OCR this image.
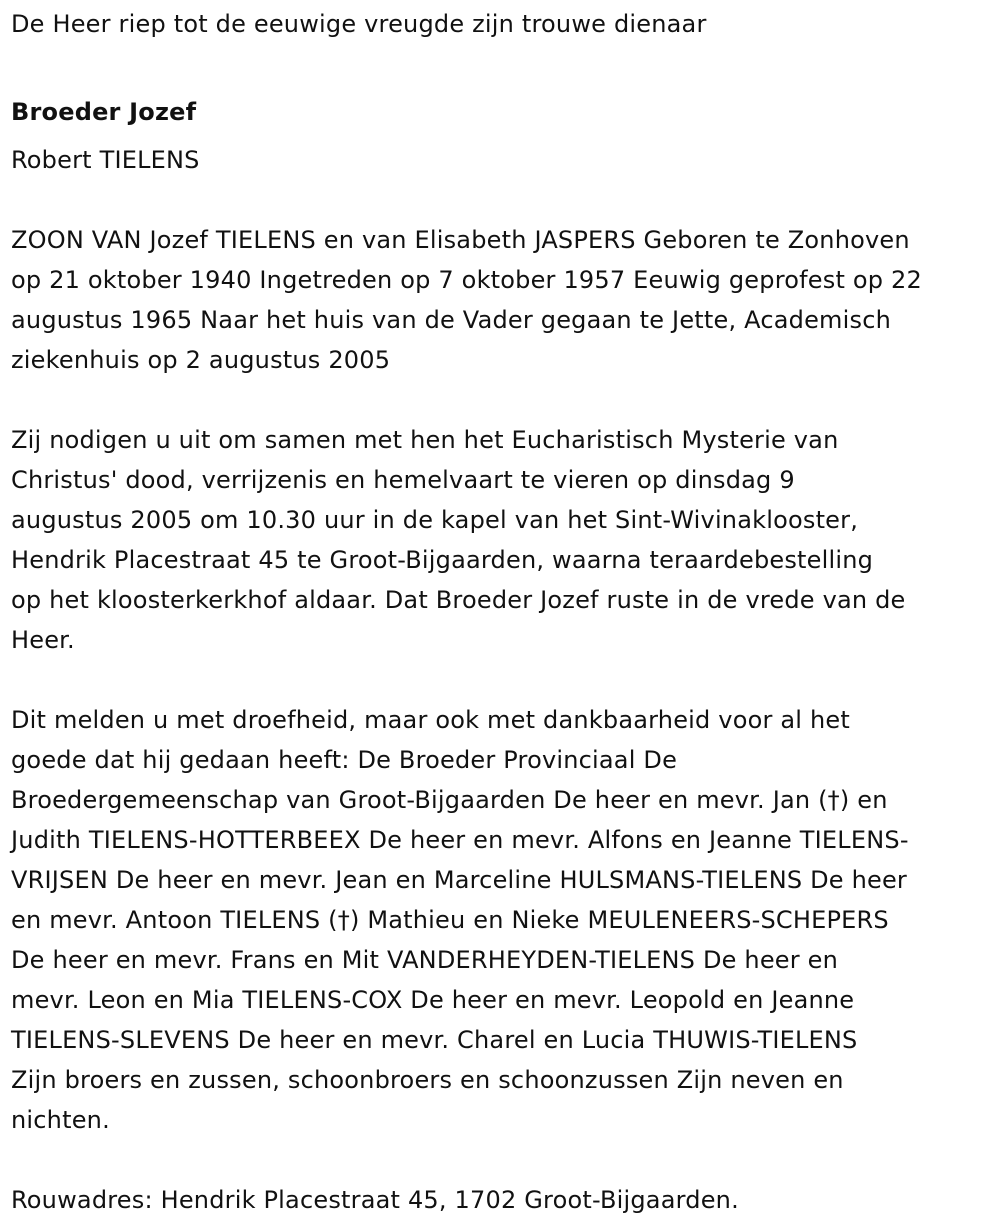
De Heer riep tot de eeuwige vreugde zijn trouwe dienaar
Broeder Jozef
Robert TIELENS
ZOON VAN Jozef TIELENS en van Elisabeth JASPERS Geboren te Zonhoven
op 21 oktober 1940 Ingetreden op 7 oktober 1957 Eeuwig geprofest op 22
augustus 1965 Naar het huis van de Vader gegaan te Jette, Academisch
ziekenhuis op 2 augustus 2005
Zij nodigen u uit om samen met hen het Eucharistisch Mysterie van
Christus' dood, verrijzenis en hemelvaart te vieren op dinsdag 9
augustus 2005 om 10.30 uur in de kapel van het Sint-Wivinaklooster,
Hendrik Placestraat 45 te Groot-Bijgaarden, waarna teraardebestelling
op het kloosterkerkhof aldaar. Dat Broeder Jozef ruste in de vrede van de
Heer.
Dit melden u met droefheid, maar ook met dankbaarheid voor al het
goede dat hij gedaan heeft: De Broeder Provinciaal De
Broedergemeenschap van Groot-Bijgaarden De heer en mevr. Jan (†) en
Judith TIELENS-HOTTERBEEX De heer en mevr. Alfons en Jeanne TIELENS-
VRIJSEN De heer en mevr. Jean en Marceline HULSMANS-TIELENS De heer
en mevr. Antoon TIELENS (†) Mathieu en Nieke MEULENEERS-SCHEPERS
De heer en mevr. Frans en Mit VANDERHEYDEN-TIELENS De heer en
mevr. Leon en Mia TIELENS-COX De heer en mevr. Leopold en Jeanne
TIELENS-SLEVENS De heer en mevr. Charel en Lucia THUWIS-TIELENS
Zijn broers en zussen, schoonbroers en schoonzussen Zijn neven en
nichten.
Rouwadres: Hendrik Placestraat 45, 1702 Groot-Bijgaarden.
